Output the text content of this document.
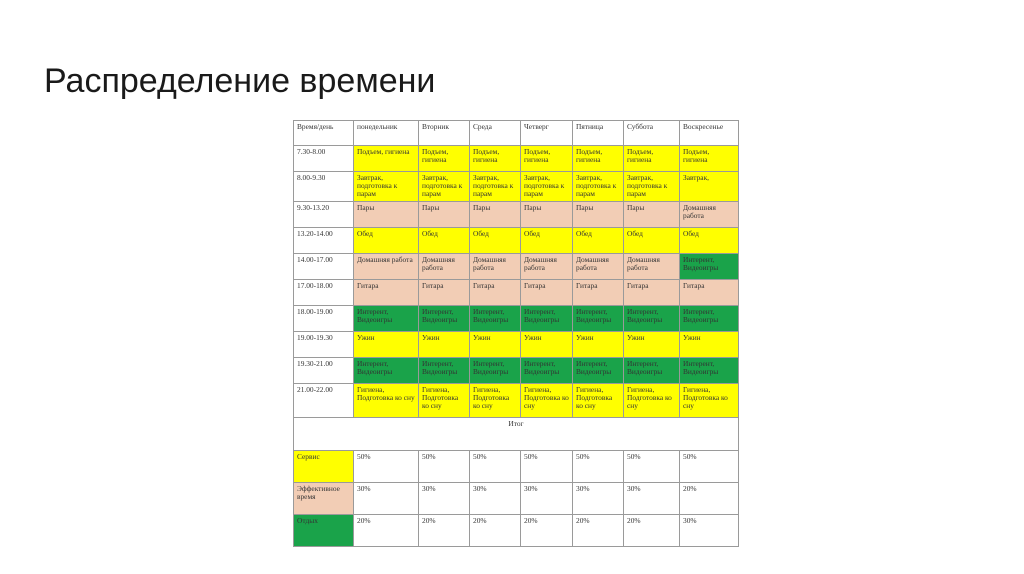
Распределение времени
Время/день	понедельник	Вторник	Среда	Четверг	Пятница	Суббота	Воскресенье
7.30-8.00	Подъем, гигиена	Подъем, гигиена	Подъем, гигиена	Подъем, гигиена	Подъем, гигиена	Подъем, гигиена	Подъем, гигиена
8.00-9.30	Завтрак, подготовка к парам	Завтрак, подготовка к парам	Завтрак, подготовка к парам	Завтрак, подготовка к парам	Завтрак, подготовка к парам	Завтрак, подготовка к парам	Завтрак,
9.30-13.20	Пары	Пары	Пары	Пары	Пары	Пары	Домашняя работа
13.20-14.00	Обед	Обед	Обед	Обед	Обед	Обед	Обед
14.00-17.00	Домашняя работа	Домашняя работа	Домашняя работа	Домашняя работа	Домашняя работа	Домашняя работа	Интерент, Видеоигры
17.00-18.00	Гитара	Гитара	Гитара	Гитара	Гитара	Гитара	Гитара
18.00-19.00	Интерент, Видеоигры	Интерент, Видеоигры	Интерент, Видеоигры	Интерент, Видеоигры	Интерент, Видеоигры	Интерент, Видеоигры	Интерент, Видеоигры
19.00-19.30	Ужин	Ужин	Ужин	Ужин	Ужин	Ужин	Ужин
19.30-21.00	Интерент, Видеоигры	Интерент, Видеоигры	Интерент, Видеоигры	Интерент, Видеоигры	Интерент, Видеоигры	Интерент, Видеоигры	Интерент, Видеоигры
21.00-22.00	Гигиена, Подготовка ко сну	Гигиена, Подготовка ко сну	Гигиена, Подготовка ко сну	Гигиена, Подготовка ко сну	Гигиена, Подготовка ко сну	Гигиена, Подготовка ко сну	Гигиена, Подготовка ко сну
Итог							
Сервис	50%	50%	50%	50%	50%	50%	50%
Эффективное время	30%	30%	30%	30%	30%	30%	20%
Отдых	20%	20%	20%	20%	20%	20%	30%
